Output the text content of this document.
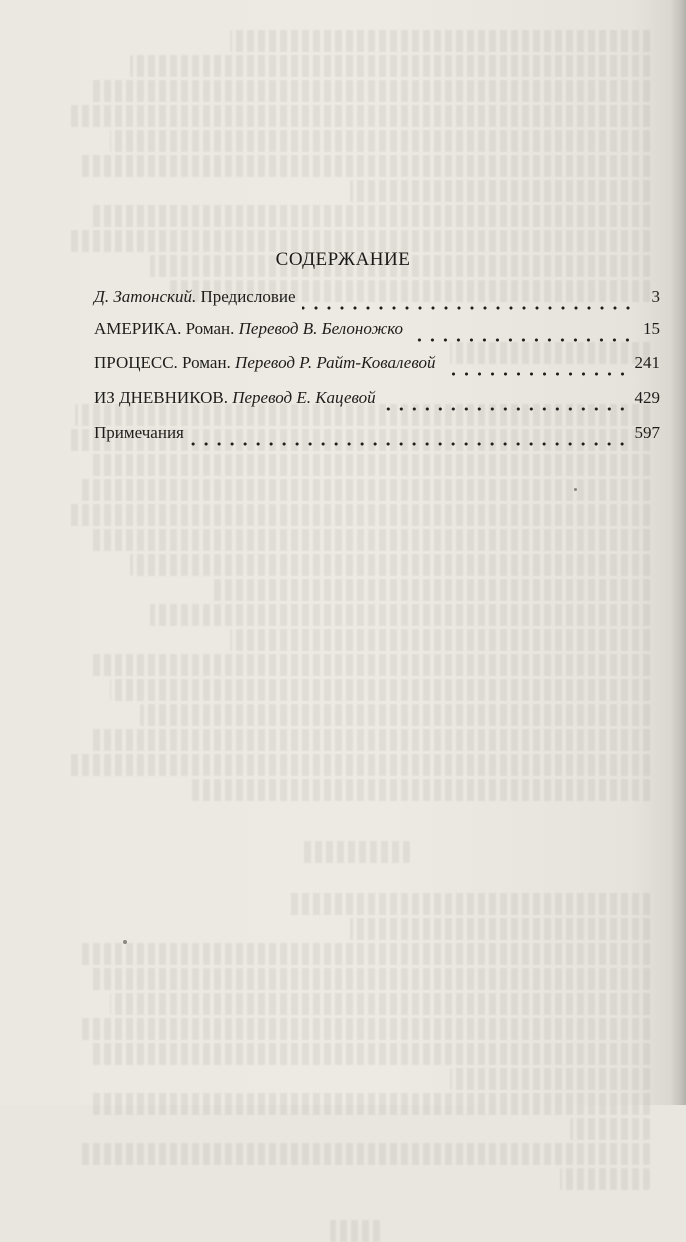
СОДЕРЖАНИЕ
Д. Затонский. Предисловие	3
АМЕРИКА. Роман. Перевод В. Белоножко	15
ПРОЦЕСС. Роман. Перевод Р. Райт-Ковалевой	241
ИЗ ДНЕВНИКОВ. Перевод Е. Кацевой	429
Примечания	597
